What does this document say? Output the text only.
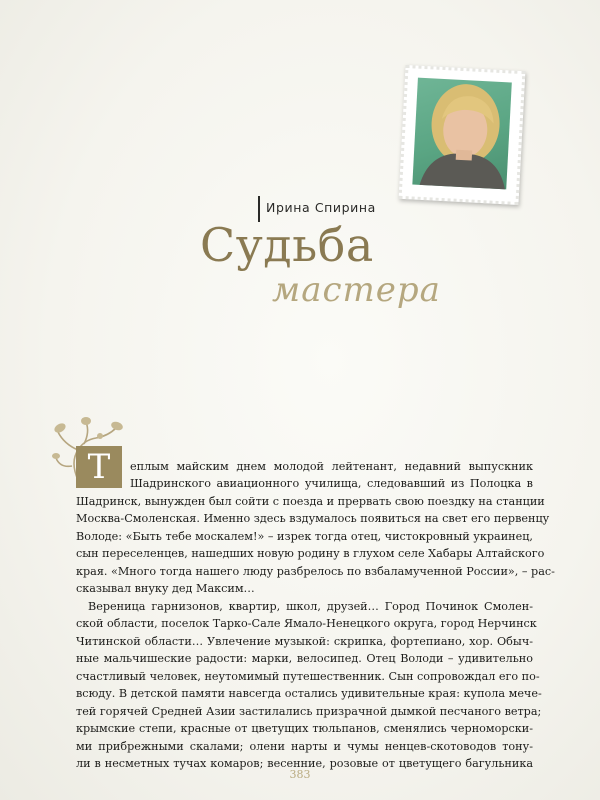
Ирина Спирина
Судьба
мастера
Т	еплым майским днем молодой лейтенант, недавний выпускник
Шадринского авиационного училища, следовавший из Полоцка в
Шадринск, вынужден был сойти с поезда и прервать свою поездку на станции
Москва-Смоленская. Именно здесь вздумалось появиться на свет его первенцу
Володе: «Быть тебе москалем!» – изрек тогда отец, чистокровный украинец,
сын переселенцев, нашедших новую родину в глухом селе Хабары Алтайского
края. «Много тогда нашего люду разбрелось по взбаламученной России», – рас-
сказывал внуку дед Максим…
Вереница гарнизонов, квартир, школ, друзей… Город Починок Смолен-
ской области, поселок Тарко-Сале Ямало-Ненецкого округа, город Нерчинск
Читинской области… Увлечение музыкой: скрипка, фортепиано, хор. Обыч-
ные мальчишеские радости: марки, велосипед. Отец Володи – удивительно
счастливый человек, неутомимый путешественник. Сын сопровождал его по-
всюду. В детской памяти навсегда остались удивительные края: купола мече-
тей горячей Средней Азии застилались призрачной дымкой песчаного ветра;
крымские степи, красные от цветущих тюльпанов, сменялись черноморски-
ми прибрежными скалами; олени нарты и чумы ненцев-скотоводов тону-
ли в несметных тучах комаров; весенние, розовые от цветущего багульника
383
